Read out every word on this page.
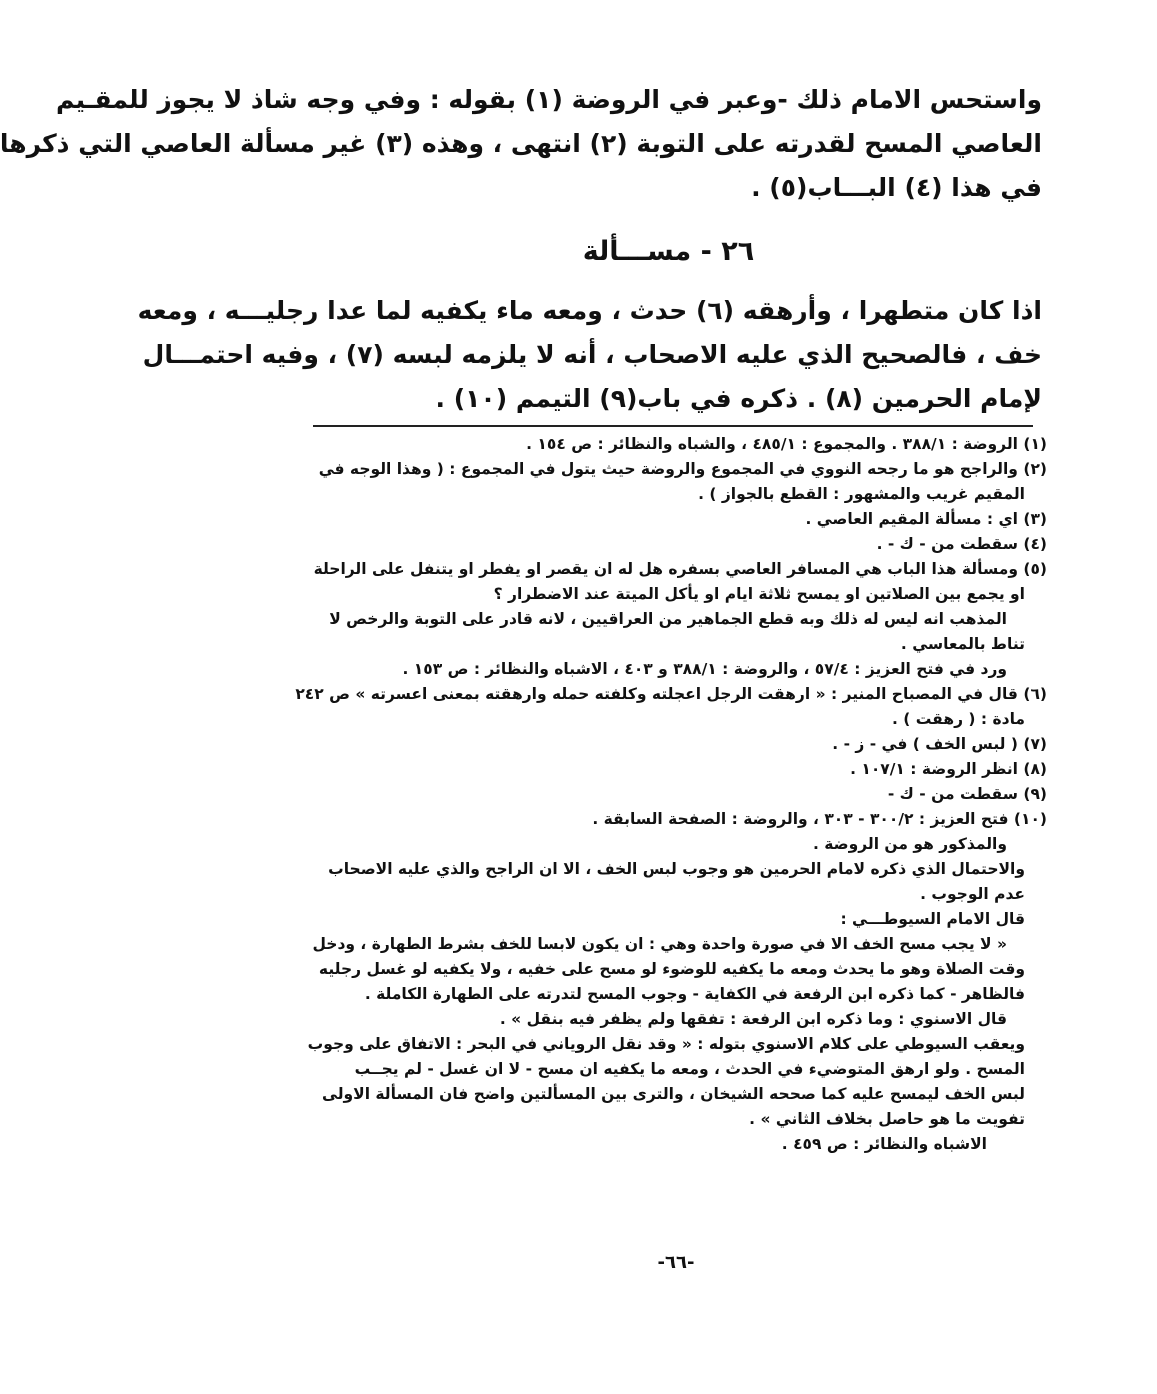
واستحس الامام ذلك -وعبر في الروضة (١) بقوله : وفي وجه شاذ لا يجوز للمقـيم

العاصي المسح لقدرته على التوبة (٢) انتهى ، وهذه (٣) غير مسألة العاصي التي ذكرها

في هذا (٤) البـــاب(٥) .

٢٦ - مســـألة

اذا كان متطهرا ، وأرهقه (٦) حدث ، ومعه ماء يكفيه لما عدا رجليـــه ، ومعه

خف ، فالصحيح الذي عليه الاصحاب ، أنه لا يلزمه لبسه (٧) ، وفيه احتمـــال

لإمام الحرمين (٨) . ذكره في باب(٩) التيمم (١٠) .

(١) الروضة : ٣٨٨/١ . والمجموع : ٤٨٥/١ ، والشباه والنظائر : ص ١٥٤ .

(٢) والراجح هو ما رجحه النووي في المجموع والروضة حيث يتول في المجموع : ( وهذا الوجه في

المقيم غريب والمشهور : القطع بالجواز ) .

(٣) اي : مسألة المقيم العاصي .

(٤) سقطت من - ك - .

(٥) ومسألة هذا الباب هي المسافر العاصي بسفره هل له ان يقصر او يفطر او يتنفل على الراحلة

او يجمع بين الصلاتين او يمسح ثلاثة ايام او يأكل الميتة عند الاضطرار ؟

المذهب انه ليس له ذلك وبه قطع الجماهير من العراقيين ، لانه قادر على التوبة والرخص لا

تناط بالمعاسي .

ورد في فتح العزيز : ٥٧/٤ ، والروضة : ٣٨٨/١ و ٤٠٣ ، الاشباه والنظائر : ص ١٥٣ .

(٦) قال في المصباح المنير : « ارهقت الرجل اعجلته وكلفته حمله وارهقته بمعنى اعسرته » ص ٢٤٢

مادة : ( رهقت ) .

(٧) ( لبس الخف ) في - ز - .

(٨) انظر الروضة : ١٠٧/١ .

(٩) سقطت من - ك -

(١٠) فتح العزيز : ٣٠٠/٢ - ٣٠٣ ، والروضة : الصفحة السابقة .

والمذكور هو من الروضة .

والاحتمال الذي ذكره لامام الحرمين هو وجوب لبس الخف ، الا ان الراجح والذي عليه الاصحاب

عدم الوجوب .

قال الامام السيوطـــي :

« لا يجب مسح الخف الا في صورة واحدة وهي : ان يكون لابسا للخف بشرط الطهارة ، ودخل

وقت الصلاة وهو ما يحدث ومعه ما يكفيه للوضوء لو مسح على خفيه ، ولا يكفيه لو غسل رجليه

فالظاهر - كما ذكره ابن الرفعة في الكفاية - وجوب المسح لتدرته على الطهارة الكاملة .

قال الاسنوي : وما ذكره ابن الرفعة : تفقها ولم يظفر فيه بنقل » .

ويعقب السيوطي على كلام الاسنوي بتوله : « وقد نقل الروياني في البحر : الاتفاق على وجوب

المسح . ولو ارهق المتوضيء في الحدث ، ومعه ما يكفيه ان مسح - لا ان غسل - لم يجــب

لبس الخف ليمسح عليه كما صححه الشيخان ، والترى بين المسألتين واضح فان المسألة الاولى

تفويت ما هو حاصل بخلاف الثاني » .

الاشباه والنظائر : ص ٤٥٩ .

-٦٦-
